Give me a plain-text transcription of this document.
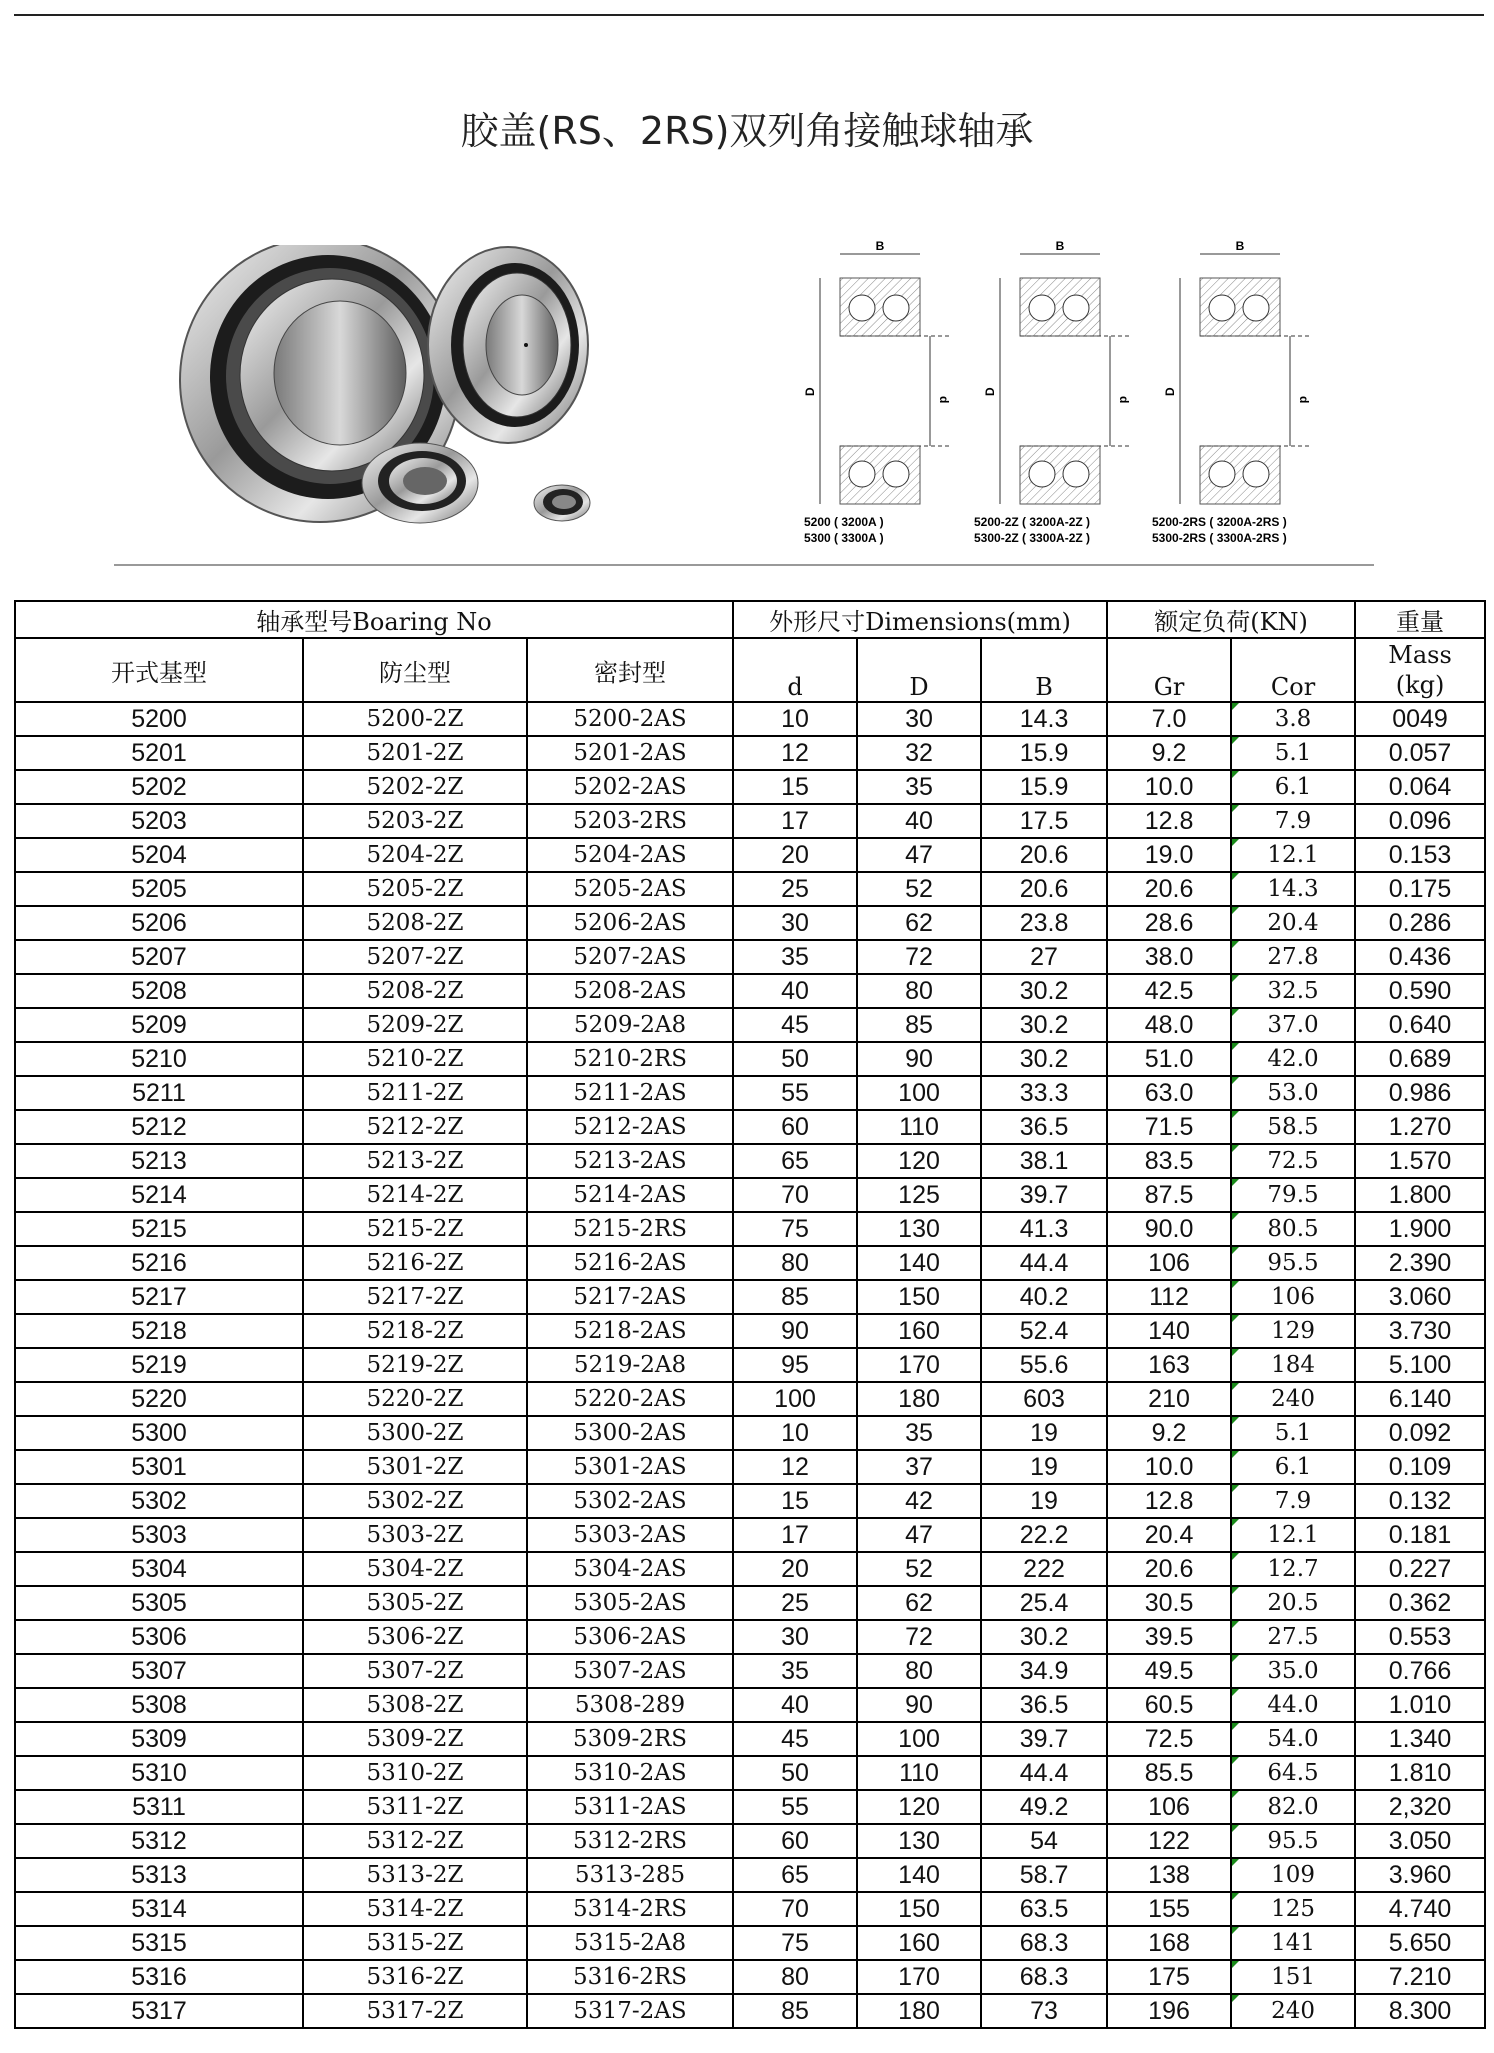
胶盖(RS、2RS)双列角接触球轴承
B
D
d
5200 ( 3200A )
5300 ( 3300A )
B
D
d
5200-2Z ( 3200A-2Z )
5300-2Z ( 3300A-2Z )
B
D
d
5200-2RS ( 3200A-2RS )
5300-2RS ( 3300A-2RS )
轴承型号Boaring No			外形尺寸Dimensions(mm)			额定负荷(KN)		重量
开式基型	防尘型	密封型	d	D	B	Gr	Cor	Mass
(kg)
5200	5200-2Z	5200-2AS	10	30	14.3	7.0	3.8	0049
5201	5201-2Z	5201-2AS	12	32	15.9	9.2	5.1	0.057
5202	5202-2Z	5202-2AS	15	35	15.9	10.0	6.1	0.064
5203	5203-2Z	5203-2RS	17	40	17.5	12.8	7.9	0.096
5204	5204-2Z	5204-2AS	20	47	20.6	19.0	12.1	0.153
5205	5205-2Z	5205-2AS	25	52	20.6	20.6	14.3	0.175
5206	5208-2Z	5206-2AS	30	62	23.8	28.6	20.4	0.286
5207	5207-2Z	5207-2AS	35	72	27	38.0	27.8	0.436
5208	5208-2Z	5208-2AS	40	80	30.2	42.5	32.5	0.590
5209	5209-2Z	5209-2A8	45	85	30.2	48.0	37.0	0.640
5210	5210-2Z	5210-2RS	50	90	30.2	51.0	42.0	0.689
5211	5211-2Z	5211-2AS	55	100	33.3	63.0	53.0	0.986
5212	5212-2Z	5212-2AS	60	110	36.5	71.5	58.5	1.270
5213	5213-2Z	5213-2AS	65	120	38.1	83.5	72.5	1.570
5214	5214-2Z	5214-2AS	70	125	39.7	87.5	79.5	1.800
5215	5215-2Z	5215-2RS	75	130	41.3	90.0	80.5	1.900
5216	5216-2Z	5216-2AS	80	140	44.4	106	95.5	2.390
5217	5217-2Z	5217-2AS	85	150	40.2	112	106	3.060
5218	5218-2Z	5218-2AS	90	160	52.4	140	129	3.730
5219	5219-2Z	5219-2A8	95	170	55.6	163	184	5.100
5220	5220-2Z	5220-2AS	100	180	603	210	240	6.140
5300	5300-2Z	5300-2AS	10	35	19	9.2	5.1	0.092
5301	5301-2Z	5301-2AS	12	37	19	10.0	6.1	0.109
5302	5302-2Z	5302-2AS	15	42	19	12.8	7.9	0.132
5303	5303-2Z	5303-2AS	17	47	22.2	20.4	12.1	0.181
5304	5304-2Z	5304-2AS	20	52	222	20.6	12.7	0.227
5305	5305-2Z	5305-2AS	25	62	25.4	30.5	20.5	0.362
5306	5306-2Z	5306-2AS	30	72	30.2	39.5	27.5	0.553
5307	5307-2Z	5307-2AS	35	80	34.9	49.5	35.0	0.766
5308	5308-2Z	5308-289	40	90	36.5	60.5	44.0	1.010
5309	5309-2Z	5309-2RS	45	100	39.7	72.5	54.0	1.340
5310	5310-2Z	5310-2AS	50	110	44.4	85.5	64.5	1.810
5311	5311-2Z	5311-2AS	55	120	49.2	106	82.0	2,320
5312	5312-2Z	5312-2RS	60	130	54	122	95.5	3.050
5313	5313-2Z	5313-285	65	140	58.7	138	109	3.960
5314	5314-2Z	5314-2RS	70	150	63.5	155	125	4.740
5315	5315-2Z	5315-2A8	75	160	68.3	168	141	5.650
5316	5316-2Z	5316-2RS	80	170	68.3	175	151	7.210
5317	5317-2Z	5317-2AS	85	180	73	196	240	8.300
